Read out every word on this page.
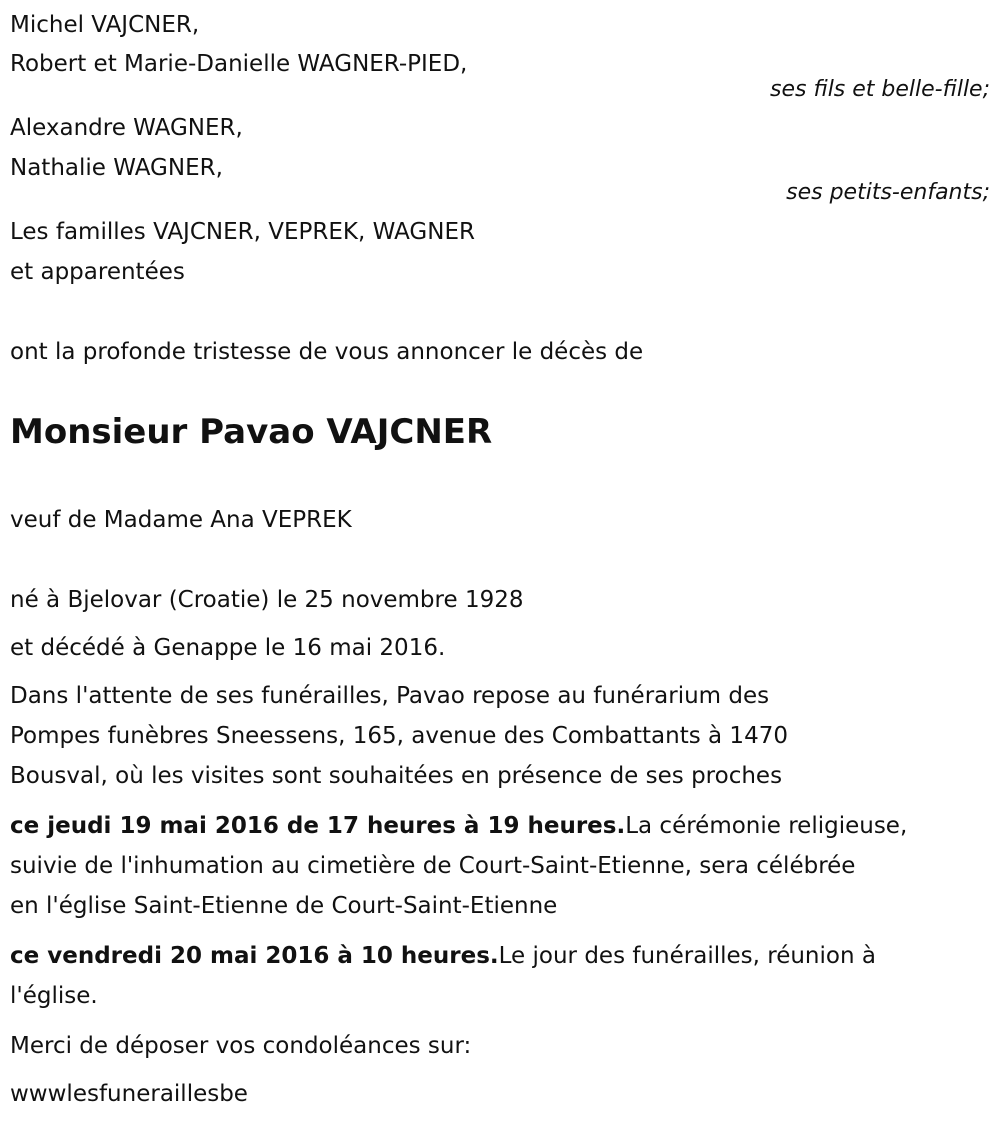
Michel VAJCNER,
Robert et Marie-Danielle WAGNER-PIED,
ses fils et belle-fille;
Alexandre WAGNER,
Nathalie WAGNER,
ses petits-enfants;
Les familles VAJCNER, VEPREK, WAGNER
et apparentées
ont la profonde tristesse de vous annoncer le décès de
Monsieur Pavao VAJCNER
veuf de Madame Ana VEPREK
né à Bjelovar (Croatie) le 25 novembre 1928
et décédé à Genappe le 16 mai 2016.
Dans l'attente de ses funérailles, Pavao repose au funérarium des
Pompes funèbres Sneessens, 165, avenue des Combattants à 1470
Bousval, où les visites sont souhaitées en présence de ses proches
ce jeudi 19 mai 2016 de 17 heures à 19 heures.La cérémonie religieuse,
suivie de l'inhumation au cimetière de Court-Saint-Etienne, sera célébrée
en l'église Saint-Etienne de Court-Saint-Etienne
ce vendredi 20 mai 2016 à 10 heures.Le jour des funérailles, réunion à
l'église.
Merci de déposer vos condoléances sur:
wwwlesfuneraillesbe
